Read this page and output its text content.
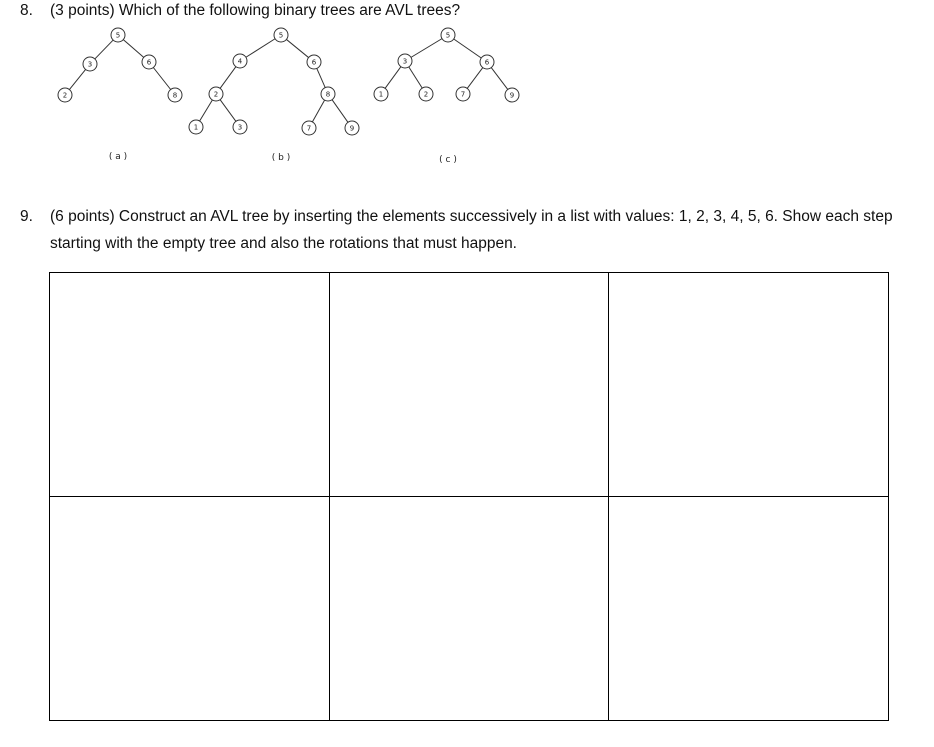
8.	(3 points) Which of the following binary trees are AVL trees?
5
3	6
2	8
( a )
5
4	6
2	8
1	3	7	9
( b )
5
3	6
1	2	7	9
( c )
9.	(6 points) Construct an AVL tree by inserting the elements successively in a list with values: 1, 2, 3, 4, 5, 6. Show each step starting with the empty tree and also the rotations that must happen.
